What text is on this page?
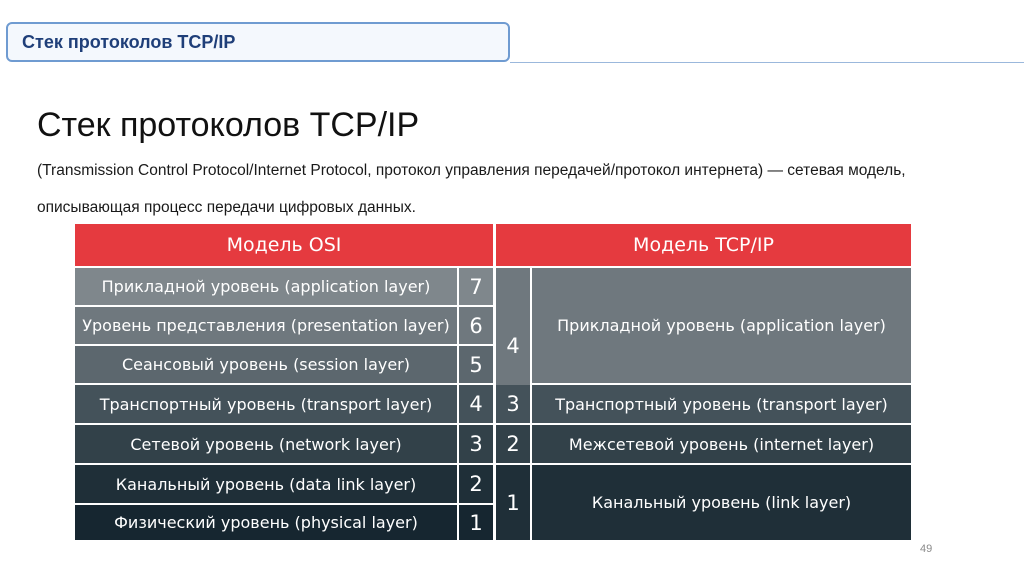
Стек протоколов TCP/IP
Стек протоколов TCP/IP
(Transmission Control Protocol/Internet Protocol, протокол управления передачей/протокол интернета) — сетевая модель, описывающая процесс передачи цифровых данных.
Модель OSI	Модель TCP/IP
Прикладной уровень (application layer)
Уровень представления (presentation layer)
Сеансовый уровень (session layer)
Транспортный уровень (transport layer)
Сетевой уровень (network layer)
Канальный уровень (data link layer)
Физический уровень (physical layer)
7
6
5
4
3
2
1
4
3
2
1
Прикладной уровень (application layer)
Транспортный уровень (transport layer)
Межсетевой уровень (internet layer)
Канальный уровень (link layer)
49
